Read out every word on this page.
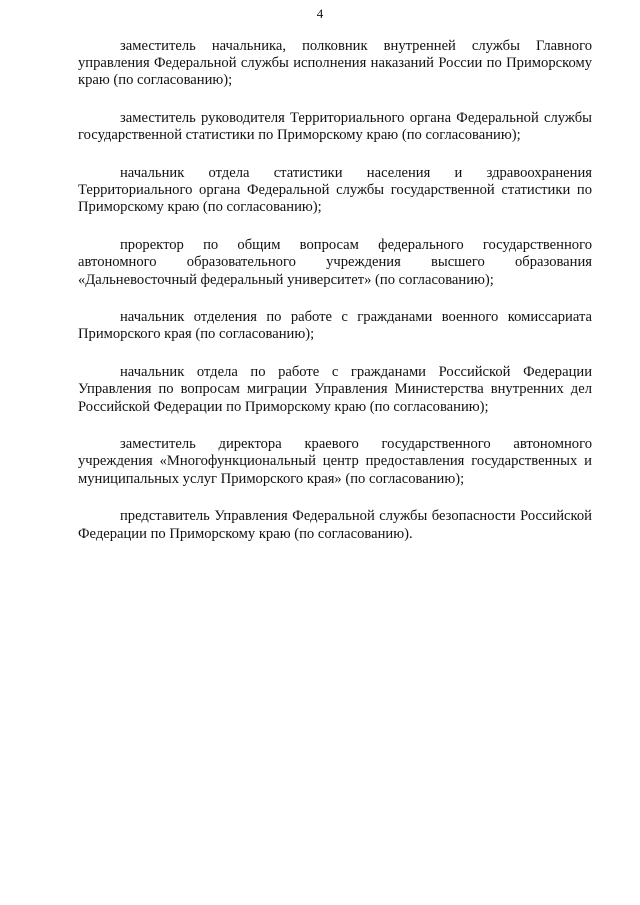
4

заместитель начальника, полковник внутренней службы Главного управления Федеральной службы исполнения наказаний России по Приморскому краю (по согласованию);

заместитель руководителя Территориального органа Федеральной службы государственной статистики по Приморскому краю (по согласованию);

начальник отдела статистики населения и здравоохранения Территориального органа Федеральной службы государственной статистики по Приморскому краю (по согласованию);

проректор по общим вопросам федерального государственного автономного образовательного учреждения высшего образования «Дальневосточный федеральный университет» (по согласованию);

начальник отделения по работе с гражданами военного комиссариата Приморского края (по согласованию);

начальник отдела по работе с гражданами Российской Федерации Управления по вопросам миграции Управления Министерства внутренних дел Российской Федерации по Приморскому краю (по согласованию);

заместитель директора краевого государственного автономного учреждения «Многофункциональный центр предоставления государственных и муниципальных услуг Приморского края» (по согласованию);

представитель Управления Федеральной службы безопасности Российской Федерации по Приморскому краю (по согласованию).
